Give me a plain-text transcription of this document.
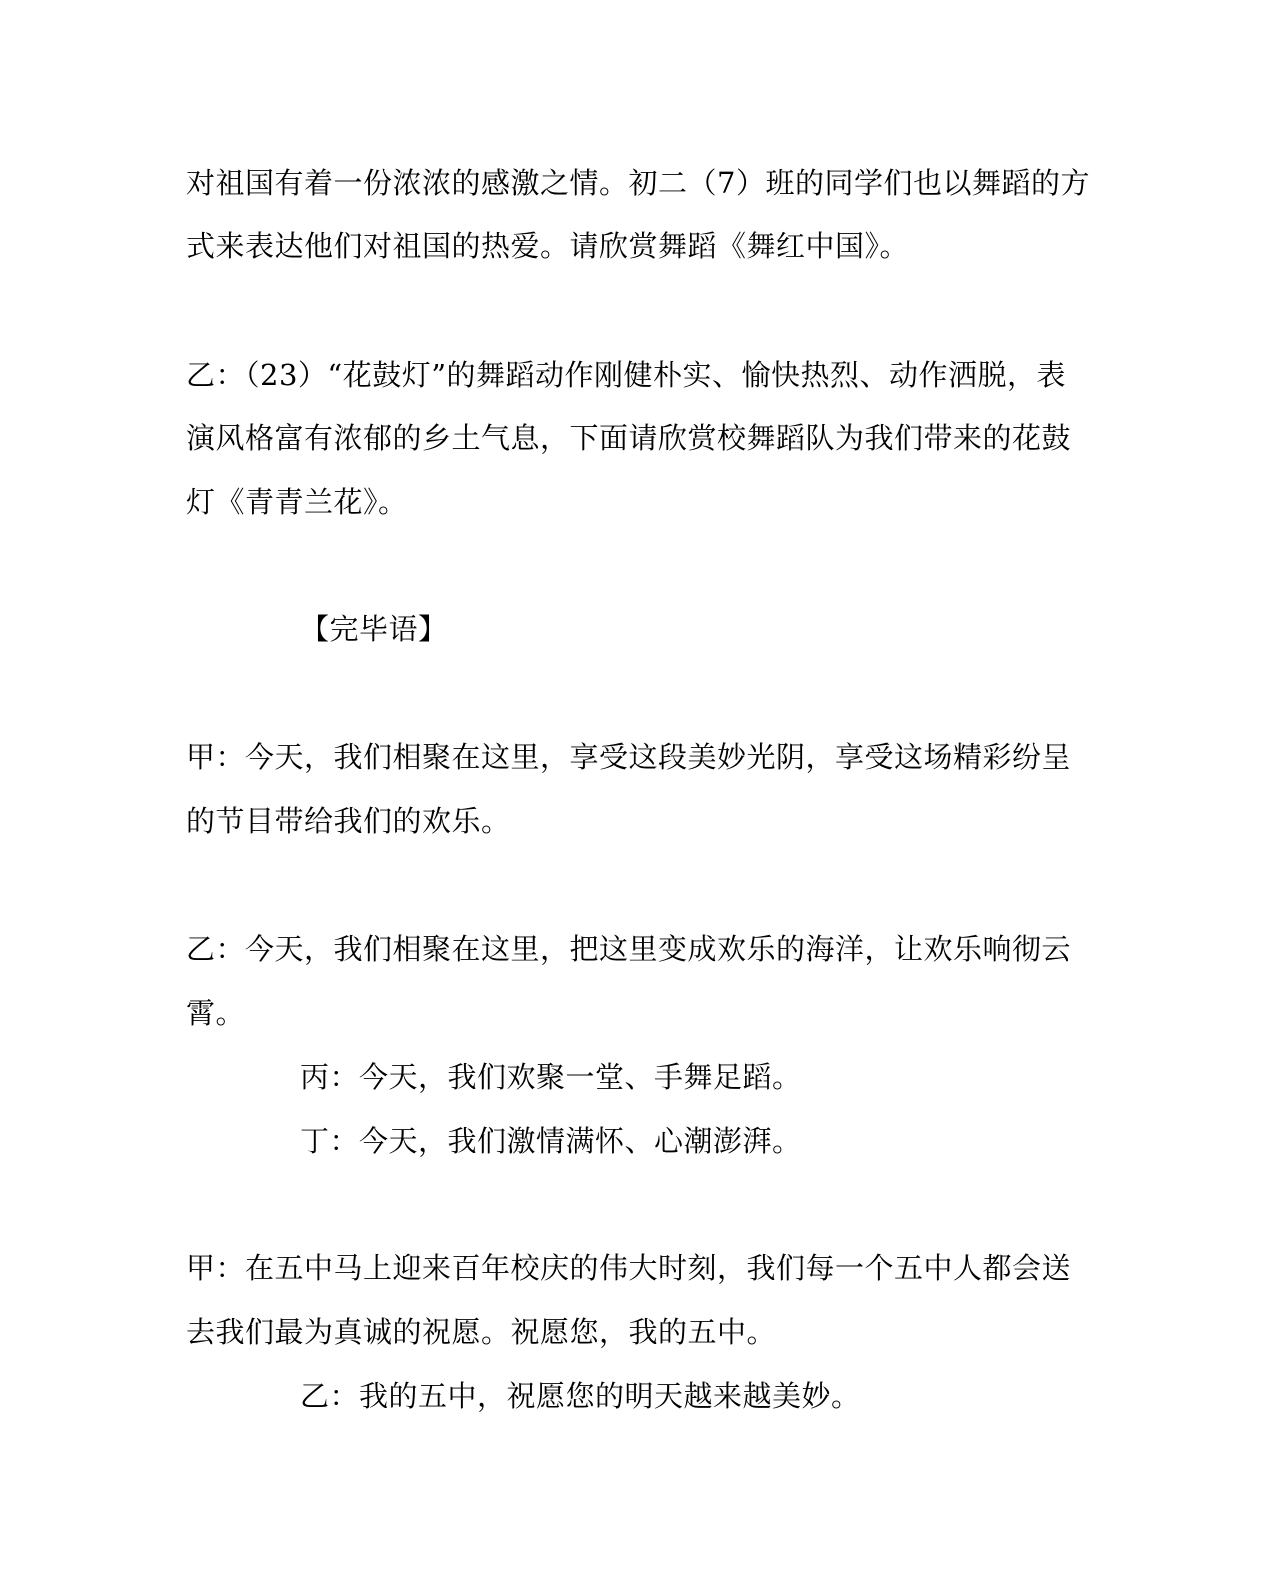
对祖国有着一份浓浓的感激之情。初二（7）班的同学们也以舞蹈的方
式来表达他们对祖国的热爱。请欣赏舞蹈《舞红中国》。
乙：（23）“花鼓灯”的舞蹈动作刚健朴实、愉快热烈、动作洒脱，表
演风格富有浓郁的乡土气息，下面请欣赏校舞蹈队为我们带来的花鼓
灯《青青兰花》。
【完毕语】
甲：今天，我们相聚在这里，享受这段美妙光阴，享受这场精彩纷呈
的节目带给我们的欢乐。
乙：今天，我们相聚在这里，把这里变成欢乐的海洋，让欢乐响彻云
霄。
丙：今天，我们欢聚一堂、手舞足蹈。
丁：今天，我们激情满怀、心潮澎湃。
甲：在五中马上迎来百年校庆的伟大时刻，我们每一个五中人都会送
去我们最为真诚的祝愿。祝愿您，我的五中。
乙：我的五中，祝愿您的明天越来越美妙。
